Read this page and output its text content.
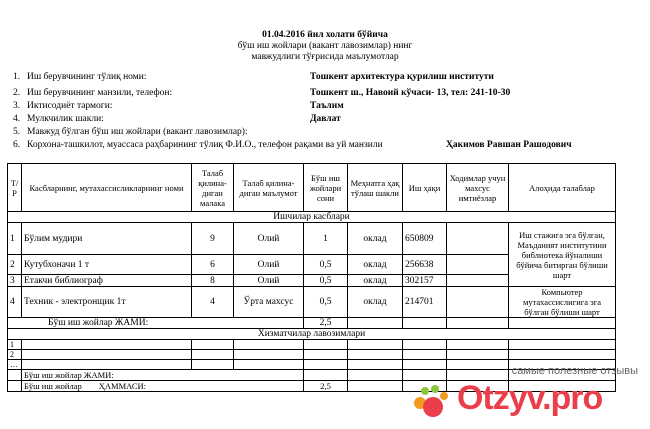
01.04.2016 йил холати бўйича
бўш иш жойлари (вакант лавозимлар) нинг
мавжудлиги тўғрисида маълумотлар
1. Иш берувчининг тўлиқ номи:	Тошкент архитектура қурилиш институти
2. Иш берувчининг манзили, телефон:	Тошкент ш., Навоий кўчаси- 13, тел: 241-10-30
3. Иктисодиёт тармоги:	Таълим
4. Мулкчилик шакли:	Давлат
5. Мавжуд бўлган бўш иш жойлари (вакант лавозимлар):
6. Корхона-ташкилот, муассаса раҳбарининг тўлиқ Ф.И.О., телефон рақами ва уй манзили	Ҳакимов Равшан Рашодович
Т/Р	Касбларнинг, мутахассисликларнинг номи	Талаб қилина-диган малака	Талаб қилина-диган маълумот	Бўш иш жойлари сони	Меҳнатга ҳақ тўлаш шакли	Иш ҳақи	Ходимлар учун махсус имтиёзлар	Алоҳида талаблар
Ишчилар касблари								
1	Бўлим мудири	9	Олий	1	оклад	650809		Иш стажига эга бўлган, Маъданият институтини библиотека йўналиши бўйича битирган бўлиши шарт
2	Кутубхоначи 1 т	6	Олий	0,5	оклад	256638		
3	Етакчи библиограф	8	Олий	0,5	оклад	302157		
4	Техник - электронщик 1т	4	Ўрта махсус	0,5	оклад	214701		Компьютер мутахассислигига эга бўлган бўлиши шарт
Бўш иш жойлар ЖАМИ:				2,5				
Хизматчилар лавозимлари								
1								
2								
…								
	Бўш иш жойлар ЖАМИ:							
	Бўш иш жойлар        ҲАММАСИ:			2,5				
самые полезные отзывы
Otzyv.pro
